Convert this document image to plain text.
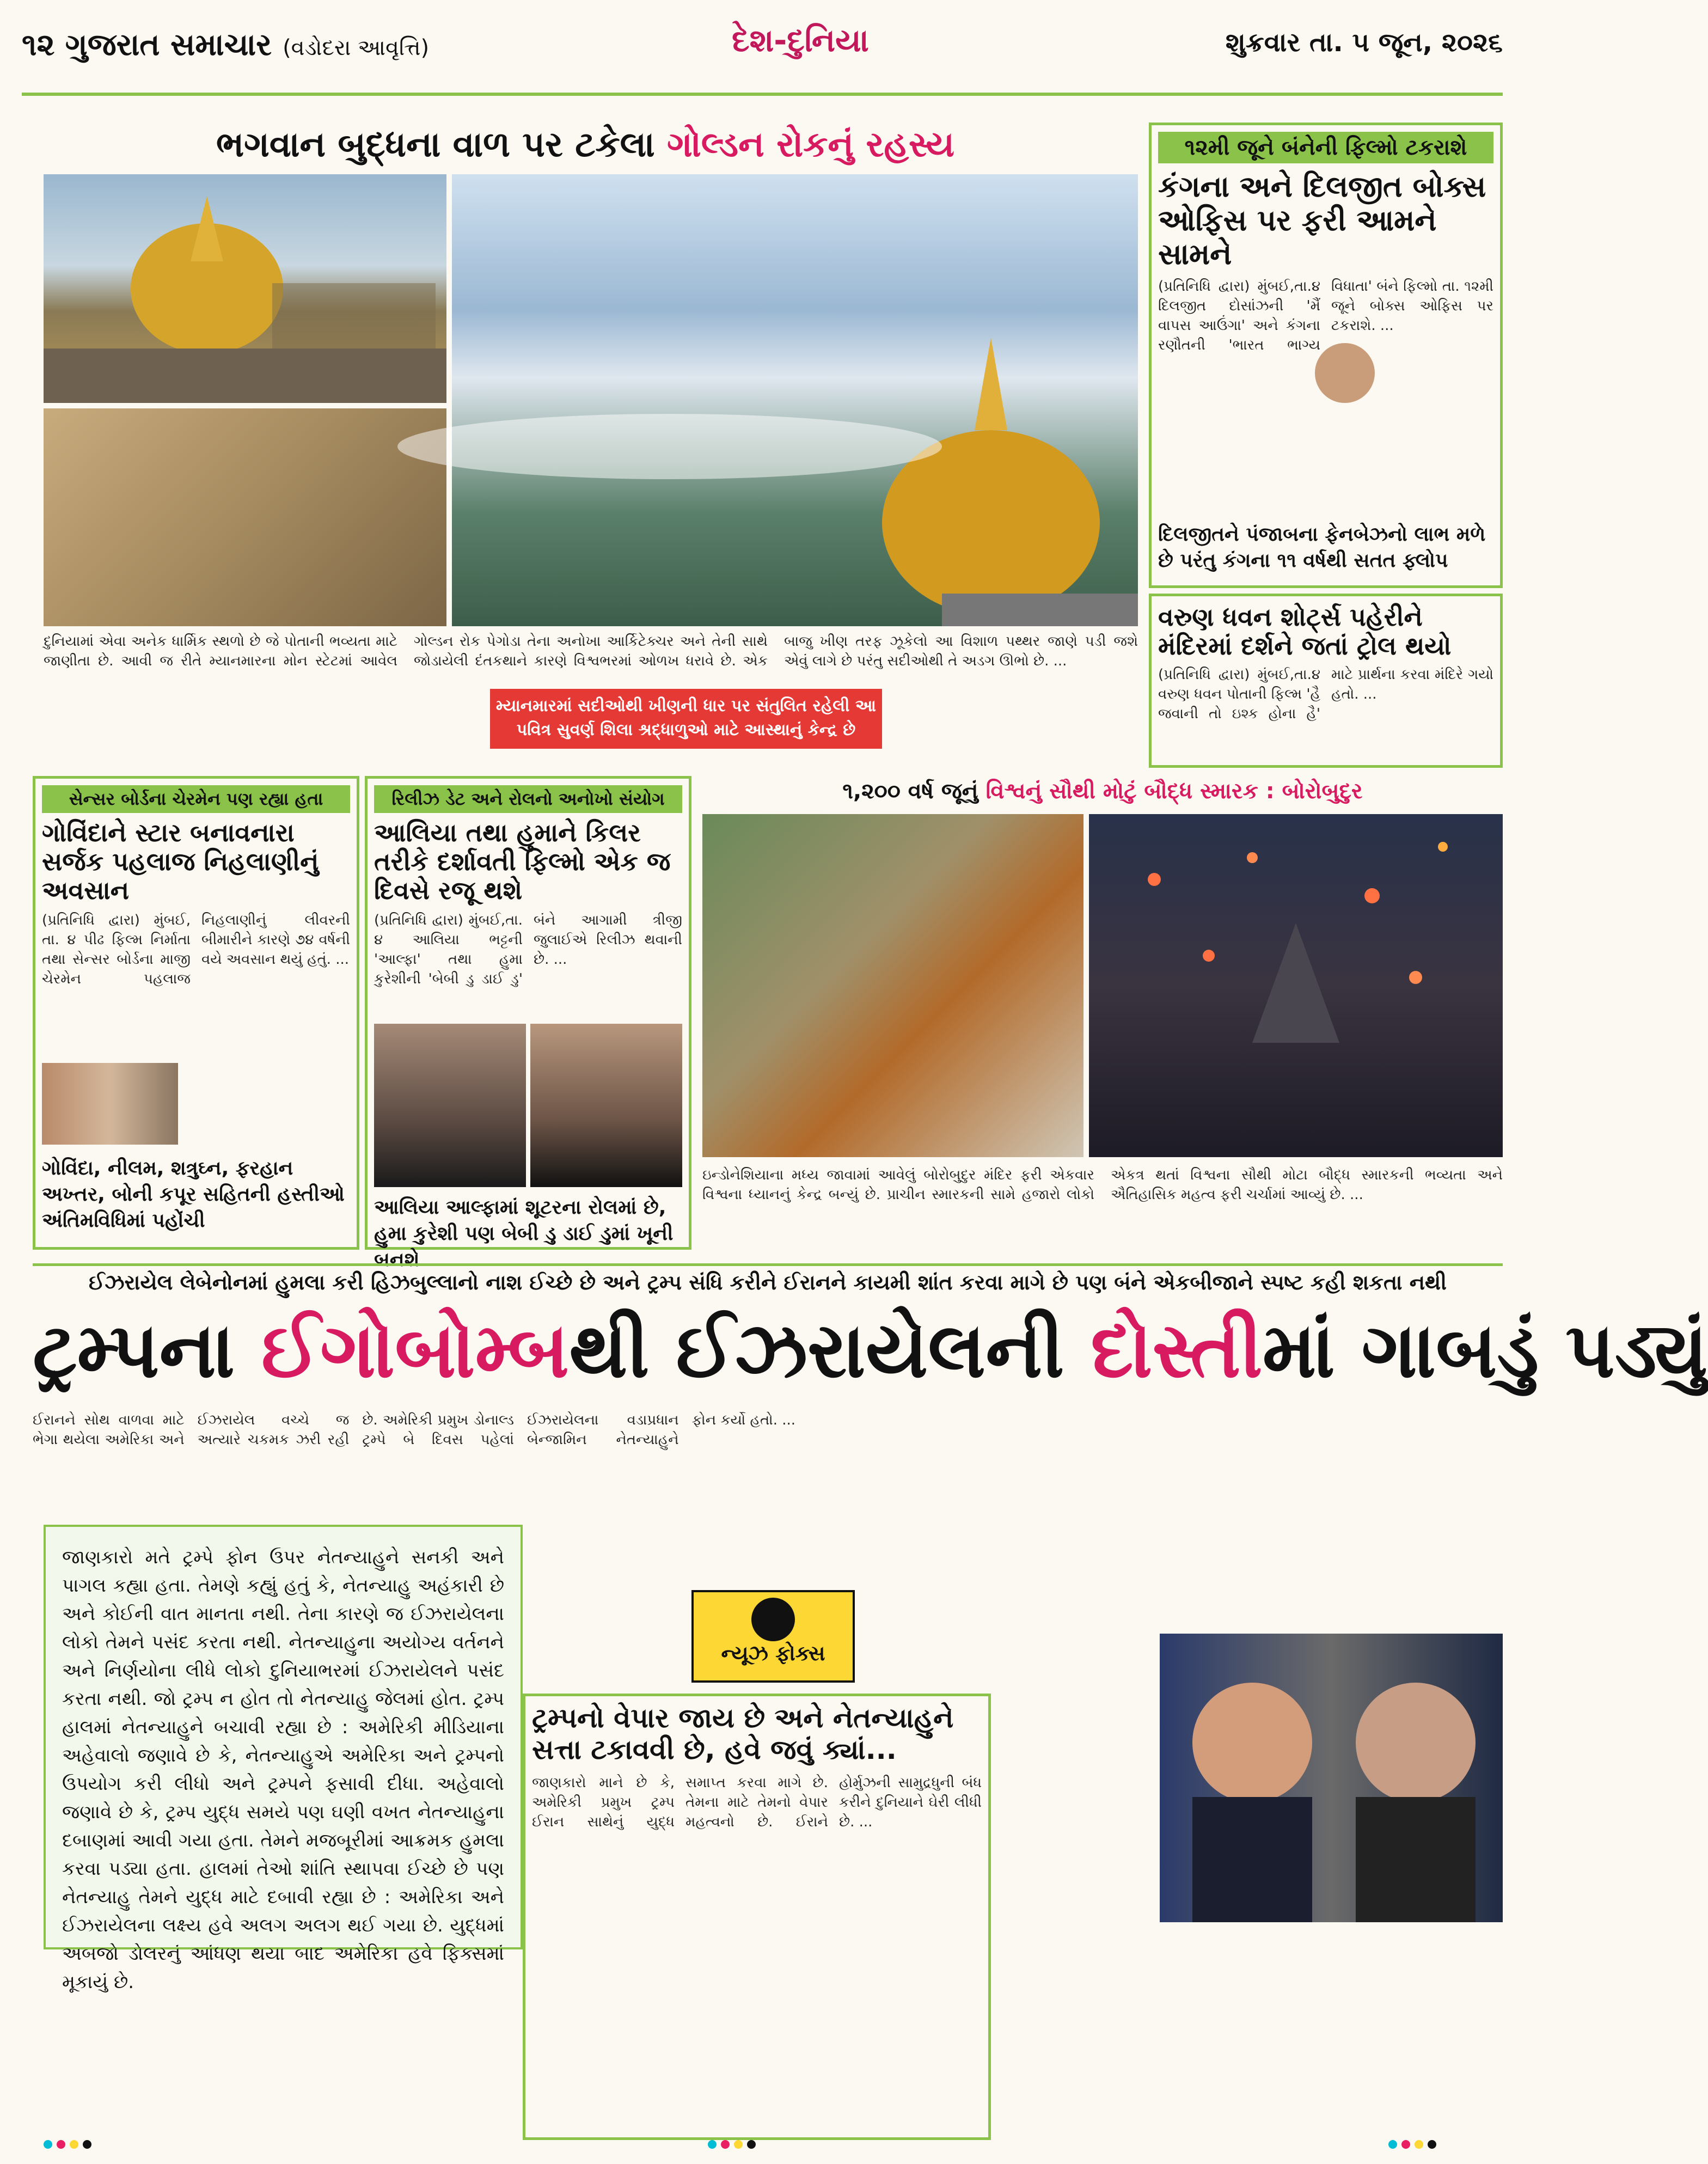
૧૨ ગુજરાત સમાચાર (વડોદરા આવૃત્તિ)	દેશ-દુનિયા	શુક્રવાર તા. ૫ જૂન, ૨૦૨૬
ભગવાન બુદ્ધના વાળ પર ટકેલા ગોલ્ડન રોકનું રહસ્ય
દુનિયામાં એવા અનેક ધાર્મિક સ્થળો છે જે પોતાની ભવ્યતા માટે જાણીતા છે. આવી જ રીતે મ્યાનમારના મોન સ્ટેટમાં આવેલ ગોલ્ડન રોક પેગોડા તેના અનોખા આર્કિટેક્ચર અને તેની સાથે જોડાયેલી દંતકથાને કારણે વિશ્વભરમાં ઓળખ ધરાવે છે. એક બાજુ ખીણ તરફ ઝૂકેલો આ વિશાળ પથ્થર જાણે પડી જશે એવું લાગે છે પરંતુ સદીઓથી તે અડગ ઊભો છે. ...
મ્યાનમારમાં સદીઓથી ખીણની ધાર પર સંતુલિત રહેલી આ પવિત્ર સુવર્ણ શિલા શ્રદ્ધાળુઓ માટે આસ્થાનું કેન્દ્ર છે
૧૨મી જૂને બંનેની ફિલ્મો ટકરાશે
કંગના અને દિલજીત બોક્સ ઓફિસ પર ફરી આમને સામને
(પ્રતિનિધિ દ્વારા) મુંબઈ,તા.૪ દિલજીત દોસાંઝની 'મૈં વાપસ આઉંગા' અને કંગના રણૌતની 'ભારત ભાગ્ય વિધાતા' બંને ફિલ્મો તા. ૧૨મી જૂને બોક્સ ઓફિસ પર ટકરાશે. ...
દિલજીતને પંજાબના ફેનબેઝનો લાભ મળે છે પરંતુ કંગના ૧૧ વર્ષથી સતત ફ્લોપ
વરુણ ધવન શોર્ટ્સ પહેરીને મંદિરમાં દર્શને જતાં ટ્રોલ થયો
(પ્રતિનિધિ દ્વારા) મુંબઈ,તા.૪ વરુણ ધવન પોતાની ફિલ્મ 'હૈ જવાની તો ઇશ્ક હોના હૈ' માટે પ્રાર્થના કરવા મંદિરે ગયો હતો. ...
સેન્સર બોર્ડના ચેરમેન પણ રહ્યા હતા
ગોવિંદાને સ્ટાર બનાવનારા સર્જક પહલાજ નિહલાણીનું અવસાન
(પ્રતિનિધિ દ્વારા) મુંબઈ, તા. ૪ પીઢ ફિલ્મ નિર્માતા તથા સેન્સર બોર્ડના માજી ચેરમેન પહલાજ નિહલાણીનું લીવરની બીમારીને કારણે ૭૪ વર્ષની વયે અવસાન થયું હતું. ...
ગોવિંદા, નીલમ, શત્રુઘ્ન, ફરહાન અખ્તર, બોની કપૂર સહિતની હસ્તીઓ અંતિમવિધિમાં પહોંચી
રિલીઝ ડેટ અને રોલનો અનોખો સંયોગ
આલિયા તથા હુમાને કિલર તરીકે દર્શાવતી ફિલ્મો એક જ દિવસે રજૂ થશે
(પ્રતિનિધિ દ્વારા) મુંબઈ,તા. ૪ આલિયા ભટ્ટની 'આલ્ફા' તથા હુમા કુરેશીની 'બેબી ડુ ડાઈ ડુ' બંને આગામી ત્રીજી જુલાઈએ રિલીઝ થવાની છે. ...
આલિયા આલ્ફામાં શૂટરના રોલમાં છે, હુમા કુરેશી પણ બેબી ડુ ડાઈ ડુમાં ખૂની બનશે
૧,૨૦૦ વર્ષ જૂનું વિશ્વનું સૌથી મોટું બૌદ્ધ સ્મારક : બોરોબુદુર
ઇન્ડોનેશિયાના મધ્ય જાવામાં આવેલું બોરોબુદુર મંદિર ફરી એકવાર વિશ્વના ધ્યાનનું કેન્દ્ર બન્યું છે. પ્રાચીન સ્મારકની સામે હજારો લોકો એકત્ર થતાં વિશ્વના સૌથી મોટા બૌદ્ધ સ્મારકની ભવ્યતા અને ઐતિહાસિક મહત્વ ફરી ચર્ચામાં આવ્યું છે. ...
ઈઝરાયેલ લેબેનોનમાં હુમલા કરી હિઝબુલ્લાનો નાશ ઈચ્છે છે અને ટ્રમ્પ સંધિ કરીને ઈરાનને કાયમી શાંત કરવા માગે છે પણ બંને એકબીજાને સ્પષ્ટ કહી શકતા નથી
ટ્રમ્પના ઈગોબોમ્બથી ઈઝરાયેલની દોસ્તીમાં ગાબડું પડ્યું
ઈરાનને સોથ વાળવા માટે ભેગા થયેલા અમેરિકા અને ઈઝરાયેલ વચ્ચે જ અત્યારે ચકમક ઝરી રહી છે. અમેરિકી પ્રમુખ ડોનાલ્ડ ટ્રમ્પે બે દિવસ પહેલાં ઈઝરાયેલના વડાપ્રધાન બેન્જામિન નેતન્યાહુને ફોન કર્યો હતો. ...
જાણકારો મતે ટ્રમ્પે ફોન ઉપર નેતન્યાહુને સનકી અને પાગલ કહ્યા હતા. તેમણે કહ્યું હતું કે, નેતન્યાહુ અહંકારી છે અને કોઈની વાત માનતા નથી. તેના કારણે જ ઈઝરાયેલના લોકો તેમને પસંદ કરતા નથી. નેતન્યાહુના અયોગ્ય વર્તનને અને નિર્ણયોના લીધે લોકો દુનિયાભરમાં ઈઝરાયેલને પસંદ કરતા નથી. જો ટ્રમ્પ ન હોત તો નેતન્યાહુ જેલમાં હોત. ટ્રમ્પ હાલમાં નેતન્યાહુને બચાવી રહ્યા છે : અમેરિકી મીડિયાના અહેવાલો જણાવે છે કે, નેતન્યાહુએ અમેરિકા અને ટ્રમ્પનો ઉપયોગ કરી લીધો અને ટ્રમ્પને ફસાવી દીધા. અહેવાલો જણાવે છે કે, ટ્રમ્પ યુદ્ધ સમયે પણ ઘણી વખત નેતન્યાહુના દબાણમાં આવી ગયા હતા. તેમને મજબૂરીમાં આક્રમક હુમલા કરવા પડ્યા હતા. હાલમાં તેઓ શાંતિ સ્થાપવા ઈચ્છે છે પણ નેતન્યાહુ તેમને યુદ્ધ માટે દબાવી રહ્યા છે : અમેરિકા અને ઈઝરાયેલના લક્ષ્ય હવે અલગ અલગ થઈ ગયા છે. યુદ્ધમાં અબજો ડોલરનું આંધણ થયા બાદ અમેરિકા હવે ફિક્સમાં મૂકાયું છે.
ન્યૂઝ ફોક્સ
ટ્રમ્પનો વેપાર જાય છે અને નેતન્યાહુને સત્તા ટકાવવી છે, હવે જવું ક્યાં...
જાણકારો માને છે કે, અમેરિકી પ્રમુખ ટ્રમ્પ ઈરાન સાથેનું યુદ્ધ સમાપ્ત કરવા માગે છે. તેમના માટે તેમનો વેપાર મહત્વનો છે. ઈરાને હોર્મુઝની સામુદ્રધુની બંધ કરીને દુનિયાને ઘેરી લીધી છે. ...
